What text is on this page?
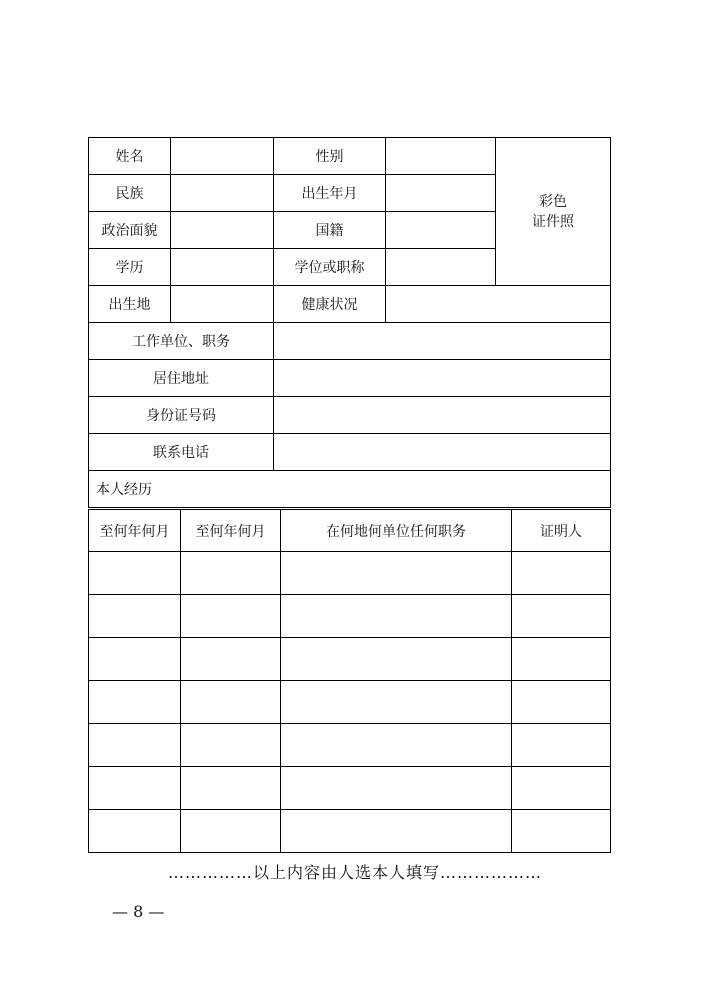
姓名		性别		彩色
证件照

民族		出生年月		
政治面貌		国籍		
学历		学位或职称		
出生地		健康状况		
工作单位、职务				
居住地址				
身份证号码				
联系电话				
本人经历				
至何年何月	至何年何月	在何地何单位任何职务	证明人

……………以上内容由人选本人填写………………
— 8 —
